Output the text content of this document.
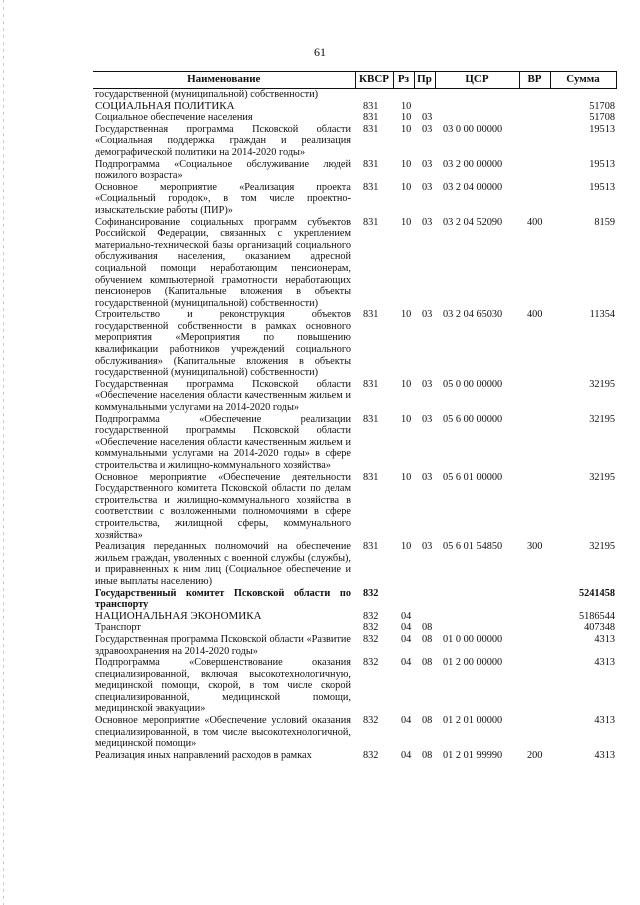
61
Наименование	КВСР	Рз	Пр	ЦСР	ВР	Сумма
государственной (муниципальной) собственности)						
СОЦИАЛЬНАЯ ПОЛИТИКА	831	10				51708
Социальное обеспечение населения	831	10	03			51708
Государственная программа Псковской области «Социальная поддержка граждан и реализация демографической политики на 2014-2020 годы»	831	10	03	03 0 00 00000		19513
Подпрограмма «Социальное обслуживание людей пожилого возраста»	831	10	03	03 2 00 00000		19513
Основное мероприятие «Реализация проекта «Социальный городок», в том числе проектно-изыскательские работы (ПИР)»	831	10	03	03 2 04 00000		19513
Софинансирование социальных программ субъектов Российской Федерации, связанных с укреплением материально-технической базы организаций социального обслуживания населения, оказанием адресной социальной помощи неработающим пенсионерам, обучением компьютерной грамотности неработающих пенсионеров (Капитальные вложения в объекты государственной (муниципальной) собственности)	831	10	03	03 2 04 52090	400	8159
Строительство и реконструкция объектов государственной собственности в рамках основного мероприятия «Мероприятия по повышению квалификации работников учреждений социального обслуживания» (Капитальные вложения в объекты государственной (муниципальной) собственности)	831	10	03	03 2 04 65030	400	11354
Государственная программа Псковской области «Обеспечение населения области качественным жильем и коммунальными услугами на 2014-2020 годы»	831	10	03	05 0 00 00000		32195
Подпрограмма «Обеспечение реализации государственной программы Псковской области «Обеспечение населения области качественным жильем и коммунальными услугами на 2014-2020 годы» в сфере строительства и жилищно-коммунального хозяйства»	831	10	03	05 6 00 00000		32195
Основное мероприятие «Обеспечение деятельности Государственного комитета Псковской области по делам строительства и жилищно-коммунального хозяйства в соответствии с возложенными полномочиями в сфере строительства, жилищной сферы, коммунального хозяйства»	831	10	03	05 6 01 00000		32195
Реализация переданных полномочий на обеспечение жильем граждан, уволенных с военной службы (службы), и приравненных к ним лиц (Социальное обеспечение и иные выплаты населению)	831	10	03	05 6 01 54850	300	32195
Государственный комитет Псковской области по транспорту	832					5241458
НАЦИОНАЛЬНАЯ ЭКОНОМИКА	832	04				5186544
Транспорт	832	04	08			407348
Государственная программа Псковской области «Развитие здравоохранения на 2014-2020 годы»	832	04	08	01 0 00 00000		4313
Подпрограмма «Совершенствование оказания специализированной, включая высокотехнологичную, медицинской помощи, скорой, в том числе скорой специализированной, медицинской помощи, медицинской эвакуации»	832	04	08	01 2 00 00000		4313
Основное мероприятие «Обеспечение условий оказания специализированной, в том числе высокотехнологичной, медицинской помощи»	832	04	08	01 2 01 00000		4313
Реализация иных направлений расходов в рамках	832	04	08	01 2 01 99990	200	4313
